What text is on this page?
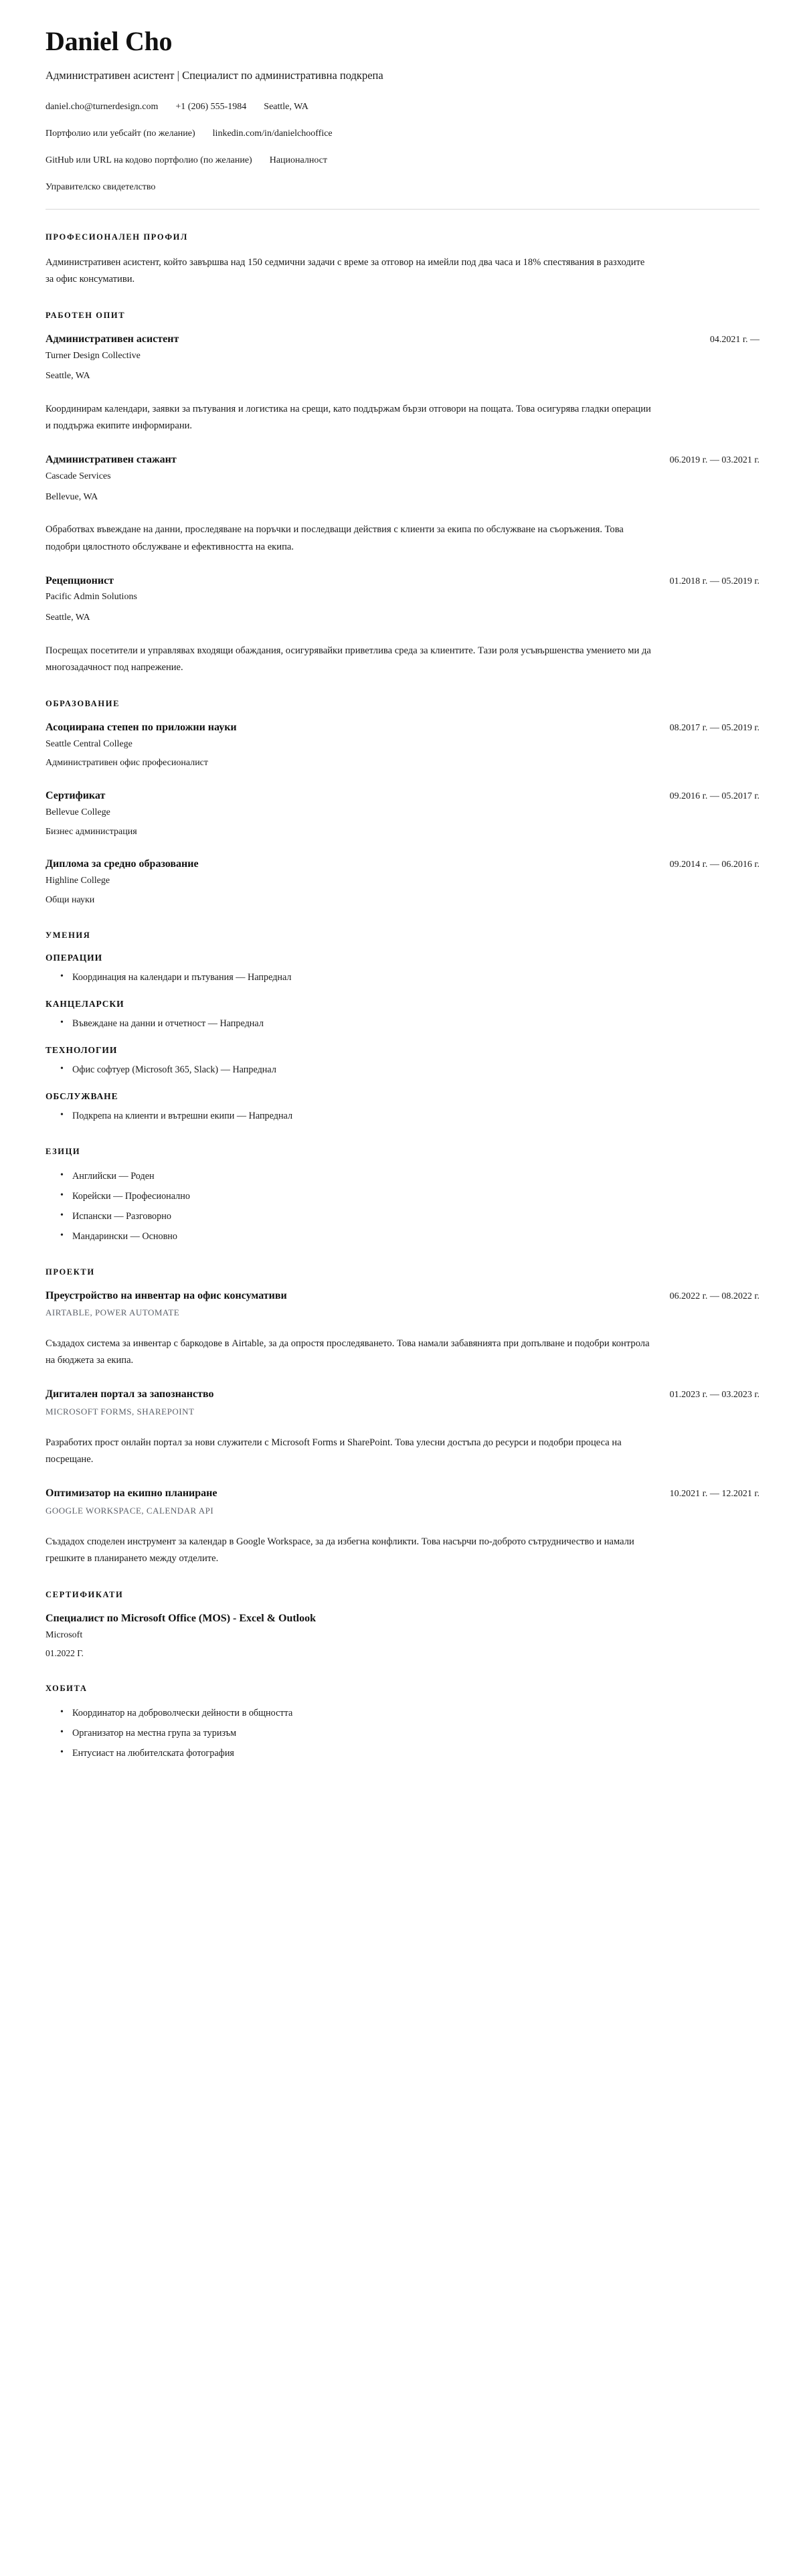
Daniel Cho
Административен асистент | Специалист по административна подкрепа
daniel.cho@turnerdesign.com +1 (206) 555-1984 Seattle, WA
Портфолио или уебсайт (по желание) linkedin.com/in/danielchooffice
GitHub или URL на кодово портфолио (по желание) Националност
Управителско свидетелство
ПРОФЕСИОНАЛЕН ПРОФИЛ

Административен асистент, който завършва над 150 седмични задачи с време за отговор на имейли под два часа и 18% спестявания в разходите за офис консумативи.

РАБОТЕН ОПИТ
Административен асистент	04.2021 г. —
Turner Design Collective
Seattle, WA

Координирам календари, заявки за пътувания и логистика на срещи, като поддържам бързи отговори на пощата. Това осигурява гладки операции и поддържа екипите информирани.

Административен стажант	06.2019 г. — 03.2021 г.
Cascade Services
Bellevue, WA

Обработвах въвеждане на данни, проследяване на поръчки и последващи действия с клиенти за екипа по обслужване на съоръжения. Това подобри цялостното обслужване и ефективността на екипа.

Рецепционист	01.2018 г. — 05.2019 г.
Pacific Admin Solutions
Seattle, WA

Посрещах посетители и управлявах входящи обаждания, осигурявайки приветлива среда за клиентите. Тази роля усъвършенства умението ми да многозадачност под напрежение.

ОБРАЗОВАНИЕ
Асоциирана степен по приложни науки	08.2017 г. — 05.2019 г.
Seattle Central College
Административен офис професионалист
Сертификат	09.2016 г. — 05.2017 г.
Bellevue College
Бизнес администрация
Диплома за средно образование	09.2014 г. — 06.2016 г.
Highline College
Общи науки
УМЕНИЯ
ОПЕРАЦИИ
• Координация на календари и пътувания — Напреднал
КАНЦЕЛАРСКИ
• Въвеждане на данни и отчетност — Напреднал
ТЕХНОЛОГИИ
• Офис софтуер (Microsoft 365, Slack) — Напреднал
ОБСЛУЖВАНЕ
• Подкрепа на клиенти и вътрешни екипи — Напреднал
ЕЗИЦИ
• Английски — Роден
• Корейски — Професионално
• Испански — Разговорно
• Мандарински — Основно
ПРОЕКТИ
Преустройство на инвентар на офис консумативи	06.2022 г. — 08.2022 г.
AIRTABLE, POWER AUTOMATE

Създадох система за инвентар с баркодове в Airtable, за да опростя проследяването. Това намали забавянията при допълване и подобри контрола на бюджета за екипа.

Дигитален портал за запознанство	01.2023 г. — 03.2023 г.
MICROSOFT FORMS, SHAREPOINT

Разработих прост онлайн портал за нови служители с Microsoft Forms и SharePoint. Това улесни достъпа до ресурси и подобри процеса на посрещане.

Оптимизатор на екипно планиране	10.2021 г. — 12.2021 г.
GOOGLE WORKSPACE, CALENDAR API

Създадох споделен инструмент за календар в Google Workspace, за да избегна конфликти. Това насърчи по-доброто сътрудничество и намали грешките в планирането между отделите.

СЕРТИФИКАТИ
Специалист по Microsoft Office (MOS) - Excel & Outlook
Microsoft
01.2022 Г.
ХОБИТА
• Координатор на доброволчески дейности в общността
• Организатор на местна група за туризъм
• Ентусиаст на любителската фотография
